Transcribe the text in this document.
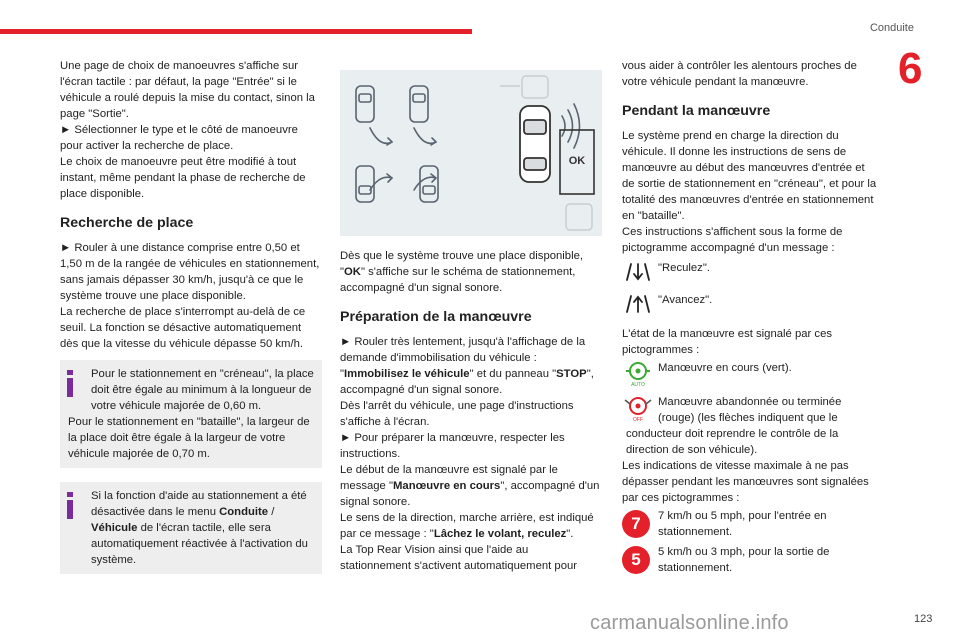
Conduite
6

Une page de choix de manoeuvres s'affiche sur l'écran tactile : par défaut, la page "Entrée" si le véhicule a roulé depuis la mise du contact, sinon la page "Sortie".

► Sélectionner le type et le côté de manoeuvre pour activer la recherche de place.

Le choix de manoeuvre peut être modifié à tout instant, même pendant la phase de recherche de place disponible.

Recherche de place

► Rouler à une distance comprise entre 0,50 et 1,50 m de la rangée de véhicules en stationnement, sans jamais dépasser 30 km/h, jusqu'à ce que le système trouve une place disponible.

La recherche de place s'interrompt au-delà de ce seuil. La fonction se désactive automatiquement dès que la vitesse du véhicule dépasse 50 km/h.

Pour le stationnement en "créneau", la place doit être égale au minimum à la longueur de votre véhicule majorée de 0,60 m.

Pour le stationnement en "bataille", la largeur de la place doit être égale à la largeur de votre véhicule majorée de 0,70 m.

Si la fonction d'aide au stationnement a été désactivée dans le menu Conduite / Véhicule de l'écran tactile, elle sera automatiquement réactivée à l'activation du système.

OK

Dès que le système trouve une place disponible, "OK" s'affiche sur le schéma de stationnement, accompagné d'un signal sonore.

Préparation de la manœuvre

► Rouler très lentement, jusqu'à l'affichage de la demande d'immobilisation du véhicule : "Immobilisez le véhicule" et du panneau "STOP", accompagné d'un signal sonore.

Dès l'arrêt du véhicule, une page d'instructions s'affiche à l'écran.

► Pour préparer la manœuvre, respecter les instructions.

Le début de la manœuvre est signalé par le message "Manœuvre en cours", accompagné d'un signal sonore.

Le sens de la direction, marche arrière, est indiqué par ce message : "Lâchez le volant, reculez".

La Top Rear Vision ainsi que l'aide au stationnement s'activent automatiquement pour

vous aider à contrôler les alentours proches de votre véhicule pendant la manœuvre.

Pendant la manœuvre

Le système prend en charge la direction du véhicule. Il donne les instructions de sens de manœuvre au début des manœuvres d'entrée et de sortie de stationnement en "créneau", et pour la totalité des manœuvres d'entrée en stationnement en "bataille".

Ces instructions s'affichent sous la forme de pictogramme accompagné d'un message :

"Reculez".

"Avancez".

L'état de la manœuvre est signalé par ces pictogrammes :

AUTO

Manœuvre en cours (vert).

OFF

Manœuvre abandonnée ou terminée (rouge) (les flèches indiquent que le conducteur doit reprendre le contrôle de la direction de son véhicule).

Les indications de vitesse maximale à ne pas dépasser pendant les manœuvres sont signalées par ces pictogrammes :

7	7 km/h ou 5 mph, pour l'entrée en stationnement.

5	5 km/h ou 3 mph, pour la sortie de stationnement.

carmanualsonline.info	123
